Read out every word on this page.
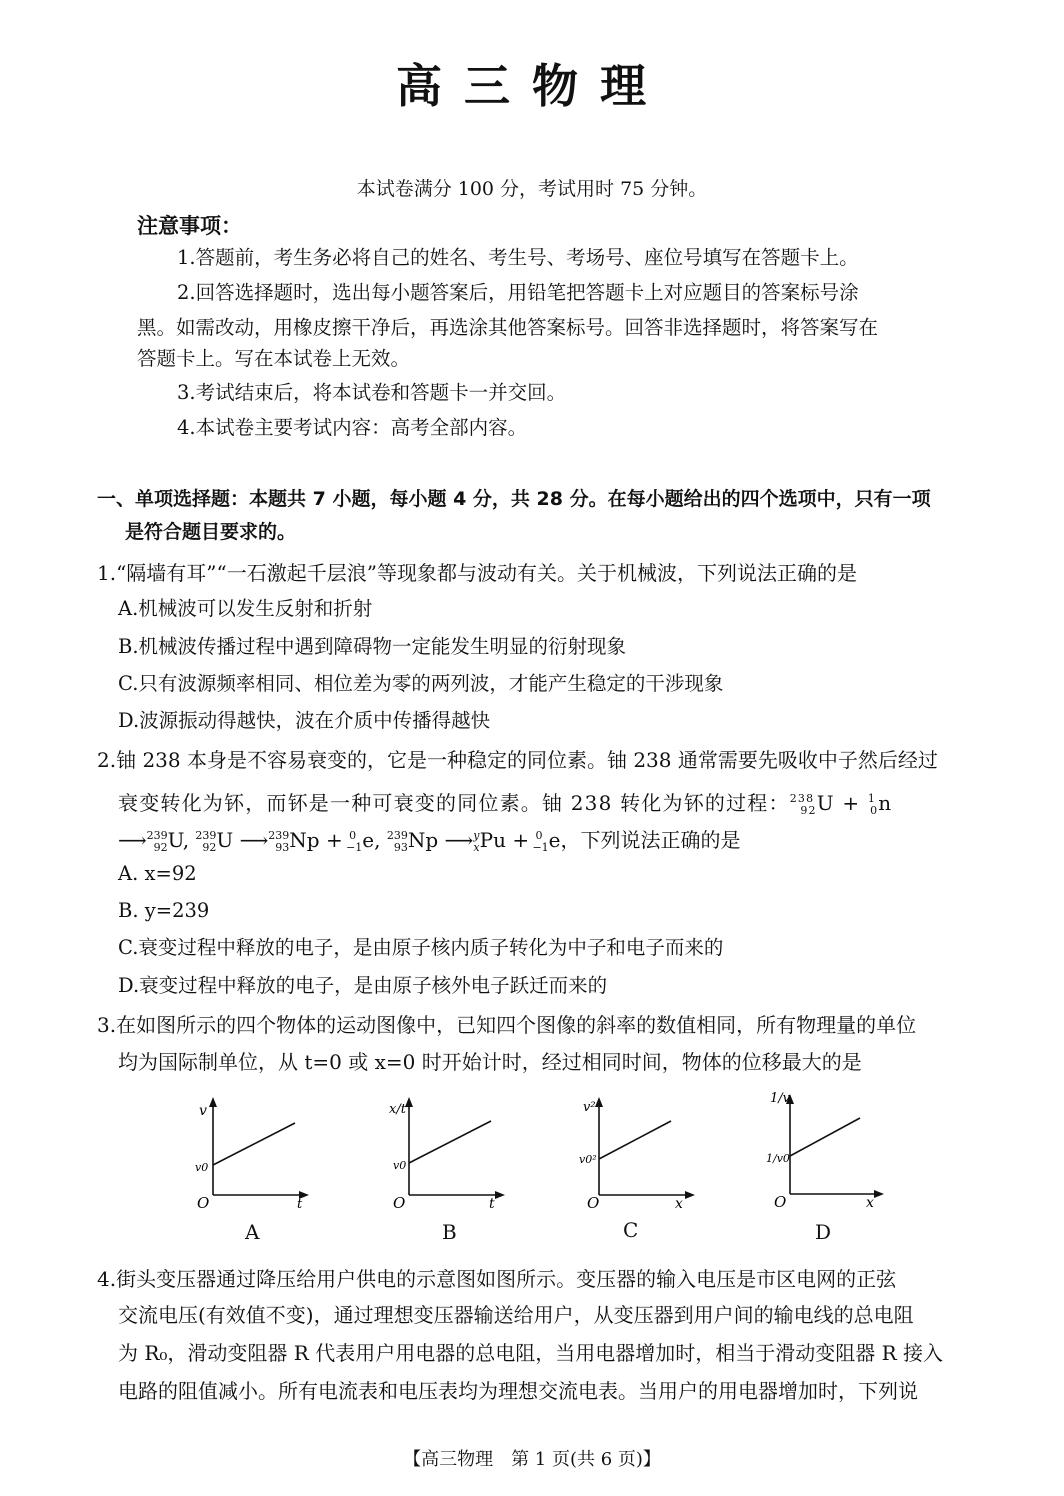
高三物理
本试卷满分 100 分，考试用时 75 分钟。
注意事项：
1.答题前，考生务必将自己的姓名、考生号、考场号、座位号填写在答题卡上。
2.回答选择题时，选出每小题答案后，用铅笔把答题卡上对应题目的答案标号涂
黑。如需改动，用橡皮擦干净后，再选涂其他答案标号。回答非选择题时，将答案写在
答题卡上。写在本试卷上无效。
3.考试结束后，将本试卷和答题卡一并交回。
4.本试卷主要考试内容：高考全部内容。
一、单项选择题：本题共 7 小题，每小题 4 分，共 28 分。在每小题给出的四个选项中，只有一项
是符合题目要求的。
1.“隔墙有耳”“一石激起千层浪”等现象都与波动有关。关于机械波，下列说法正确的是
A.机械波可以发生反射和折射
B.机械波传播过程中遇到障碍物一定能发生明显的衍射现象
C.只有波源频率相同、相位差为零的两列波，才能产生稳定的干涉现象
D.波源振动得越快，波在介质中传播得越快
2.铀 238 本身是不容易衰变的，它是一种稳定的同位素。铀 238 通常需要先吸收中子然后经过
衰变转化为钚，而钚是一种可衰变的同位素。铀 238 转化为钚的过程：$^{238}_{92}$U + $^1_0$n
⟶$^{239}_{92}$U, $^{239}_{92}$U ⟶$^{239}_{93}$Np + $^0_{-1}$e, $^{239}_{93}$Np ⟶$^y_x$Pu + $^0_{-1}$e，下列说法正确的是
A. x=92
B. y=239
C.衰变过程中释放的电子，是由原子核内质子转化为中子和电子而来的
D.衰变过程中释放的电子，是由原子核外电子跃迁而来的
3.在如图所示的四个物体的运动图像中，已知四个图像的斜率的数值相同，所有物理量的单位
均为国际制单位，从 t=0 或 x=0 时开始计时，经过相同时间，物体的位移最大的是
v
v0
O	t
A
x/t
v0
O	t
B
v²
v0²
O	x
C
1/v
1/v0
O	x
D
4.街头变压器通过降压给用户供电的示意图如图所示。变压器的输入电压是市区电网的正弦
交流电压(有效值不变)，通过理想变压器输送给用户，从变压器到用户间的输电线的总电阻
为 R₀，滑动变阻器 R 代表用户用电器的总电阻，当用电器增加时，相当于滑动变阻器 R 接入
电路的阻值减小。所有电流表和电压表均为理想交流电表。当用户的用电器增加时，下列说
【高三物理　第 1 页(共 6 页)】
